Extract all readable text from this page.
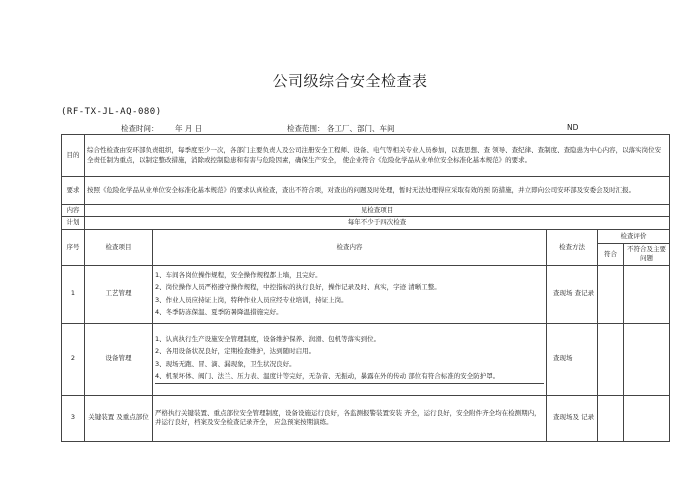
公司级综合安全检查表
(RF-TX-JL-AQ-080)
检查时间： 年 月 日	检查范围： 各工厂、部门、车间	ND
目的	综合性检查由安环部负责组织，每季度至少一次，各部门主要负责人及公司注册安全工程师、设备、电气等相关专业人员参加，以查思想、查 领导、查纪律、查制度、查隐患为中心内容，以落实岗位安全责任制为重点，以制定整改措施，消除或控制隐患和有害与危险因素，确保生产安全， 使企业符合《危险化学品从业单位安全标准化基本规范》的要求。				
要求	按照《危险化学品从业单位安全标准化基本规范》的要求认真检查，查出不符合项，对查出的问题及时处理，暂时无法处理得应采取有效的预 防措施，并立即向公司安环部及安委会及时汇报。				
内容	见检查项目				
计划	每年不少于四次检查				
序号	检查项目	检查内容	检查方法	检查评价	
				符合	不符合及主要问题
1	工艺管理	1、车间各岗位操作规程，安全操作规程都上墙，且完好。
2、岗位操作人员严格遵守操作规程，中控指标的执行良好，操作记录及时、真实，字迹 清晰工整。
3、作业人员应持证上岗，特种作业人员应经专业培训，持证上岗。
4、冬季防冻保温、夏季防暑降温措施完好。	查现场 查记录		
2	设备管理	1、认真执行生产设施安全管理制度，设备维护保养、润滑、包机等落实到位。
2、各用设备状况良好，定期检查维护，达到随时启用。
3、现场无跑、冒、滴、漏现象，卫生状况良好。
4、机泵坏体、阀门、法兰、压力表、温度计等完好，无杂音、无振动，暴露在外的传动 部位有符合标准的安全防护罩。	查现场		
3	关键装置 及重点部位	严格执行关键装置、重点部位安全管理制度，设备设施运行良好，各监测报警装置安装 齐全，运行良好，安全附件齐全均在检测期内，并运行良好，档案及安全检查记录齐全， 应急预案按期演练。	查现场及 记录		
